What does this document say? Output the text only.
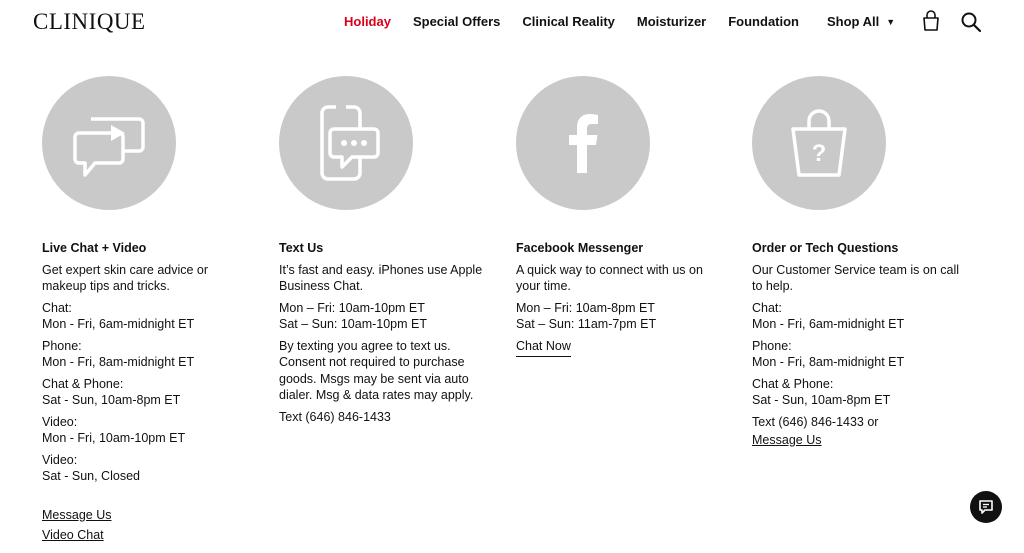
CLINIQUE	Holiday Special Offers Clinical Reality Moisturizer Foundation Shop All ▼
Live Chat + Video
Get expert skin care advice or
makeup tips and tricks.
Chat:
Mon - Fri, 6am-midnight ET
Phone:
Mon - Fri, 8am-midnight ET
Chat & Phone:
Sat - Sun, 10am-8pm ET
Video:
Mon - Fri, 10am-10pm ET
Video:
Sat - Sun, Closed
Message Us
Video Chat
Text Us
It’s fast and easy. iPhones use Apple
Business Chat.
Mon – Fri: 10am-10pm ET
Sat – Sun: 10am-10pm ET
By texting you agree to text us.
Consent not required to purchase
goods. Msgs may be sent via auto
dialer. Msg & data rates may apply.
Text (646) 846-1433
Facebook Messenger
A quick way to connect with us on
your time.
Mon – Fri: 10am-8pm ET
Sat – Sun: 11am-7pm ET
Chat Now
?
Order or Tech Questions
Our Customer Service team is on call
to help.
Chat:
Mon - Fri, 6am-midnight ET
Phone:
Mon - Fri, 8am-midnight ET
Chat & Phone:
Sat - Sun, 10am-8pm ET
Text (646) 846-1433 or
Message Us
